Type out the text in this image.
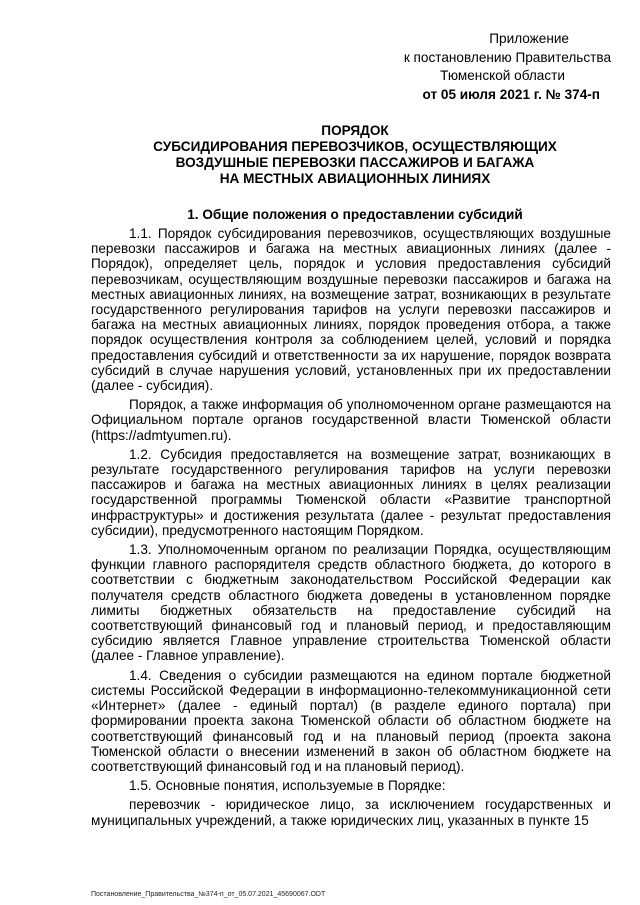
Приложение
к постановлению Правительства
Тюменской области
от 05 июля 2021 г. № 374-п
ПОРЯДОК
СУБСИДИРОВАНИЯ ПЕРЕВОЗЧИКОВ, ОСУЩЕСТВЛЯЮЩИХ
ВОЗДУШНЫЕ ПЕРЕВОЗКИ ПАССАЖИРОВ И БАГАЖА
НА МЕСТНЫХ АВИАЦИОННЫХ ЛИНИЯХ
1. Общие положения о предоставлении субсидий

1.1. Порядок субсидирования перевозчиков, осуществляющих воздушные перевозки пассажиров и багажа на местных авиационных линиях (далее - Порядок), определяет цель, порядок и условия предоставления субсидий перевозчикам, осуществляющим воздушные перевозки пассажиров и багажа на местных авиационных линиях, на возмещение затрат, возникающих в результате государственного регулирования тарифов на услуги перевозки пассажиров и багажа на местных авиационных линиях, порядок проведения отбора, а также порядок осуществления контроля за соблюдением целей, условий и порядка предоставления субсидий и ответственности за их нарушение, порядок возврата субсидий в случае нарушения условий, установленных при их предоставлении (далее - субсидия).

Порядок, а также информация об уполномоченном органе размещаются на Официальном портале органов государственной власти Тюменской области (https://admtyumen.ru).

1.2. Субсидия предоставляется на возмещение затрат, возникающих в результате государственного регулирования тарифов на услуги перевозки пассажиров и багажа на местных авиационных линиях в целях реализации государственной программы Тюменской области «Развитие транспортной инфраструктуры» и достижения результата (далее - результат предоставления субсидии), предусмотренного настоящим Порядком.

1.3. Уполномоченным органом по реализации Порядка, осуществляющим функции главного распорядителя средств областного бюджета, до которого в соответствии с бюджетным законодательством Российской Федерации как получателя средств областного бюджета доведены в установленном порядке лимиты бюджетных обязательств на предоставление субсидий на соответствующий финансовый год и плановый период, и предоставляющим субсидию является Главное управление строительства Тюменской области (далее - Главное управление).

1.4. Сведения о субсидии размещаются на едином портале бюджетной системы Российской Федерации в информационно-телекоммуникационной сети «Интернет» (далее - единый портал) (в разделе единого портала) при формировании проекта закона Тюменской области об областном бюджете на соответствующий финансовый год и на плановый период (проекта закона Тюменской области о внесении изменений в закон об областном бюджете на соответствующий финансовый год и на плановый период).

1.5. Основные понятия, используемые в Порядке:

перевозчик - юридическое лицо, за исключением государственных и муниципальных учреждений, а также юридических лиц, указанных в пункте 15

Постановление_Правительства_№374-п_от_05.07.2021_45690067.ODT
